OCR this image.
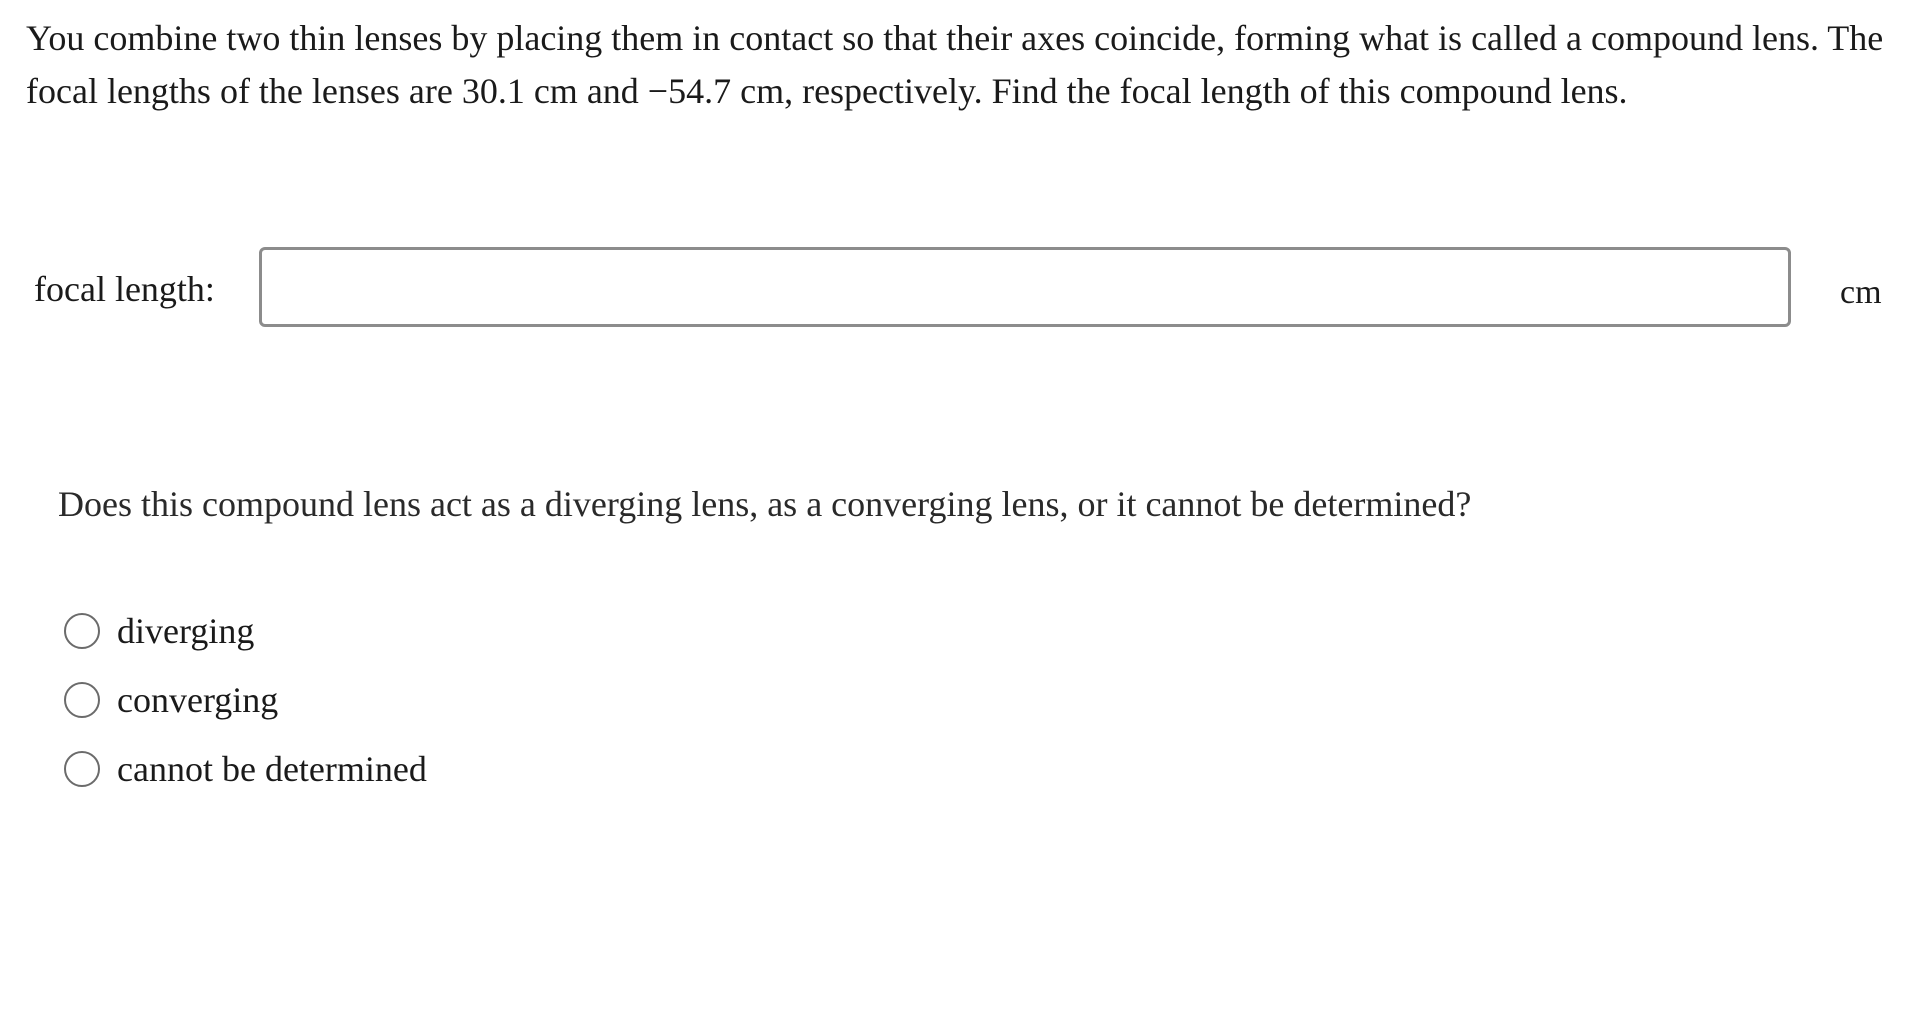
You combine two thin lenses by placing them in contact so that their axes coincide, forming what is called a compound lens. The focal lengths of the lenses are 30.1 cm and −54.7 cm, respectively. Find the focal length of this compound lens.

focal length:	cm

Does this compound lens act as a diverging lens, as a converging lens, or it cannot be determined?

diverging
converging
cannot be determined
